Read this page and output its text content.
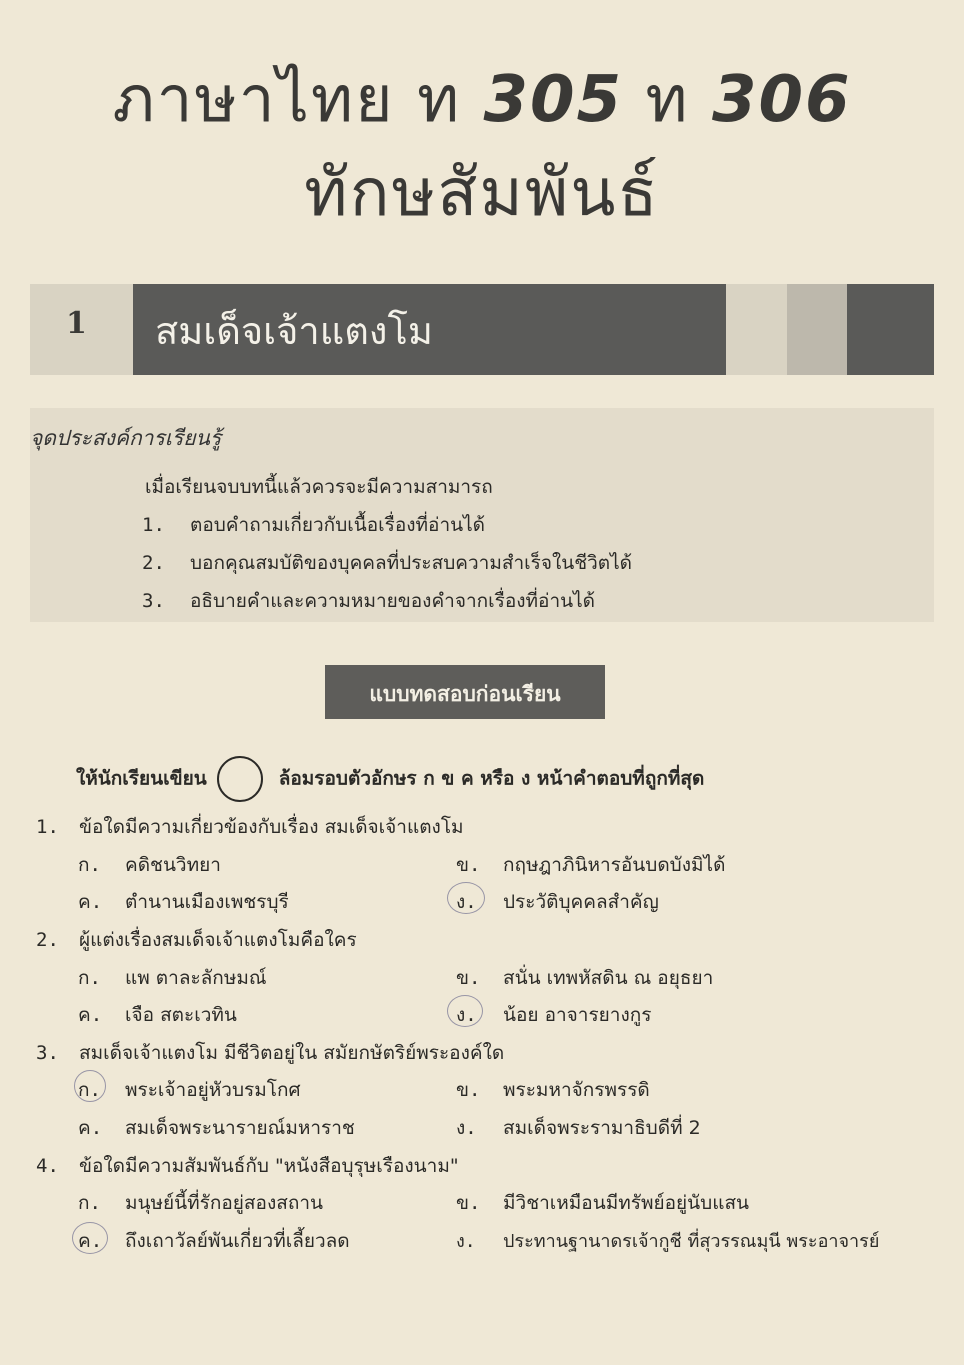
ภาษาไทย ท 305 ท 306
ทักษสัมพันธ์
1 สมเด็จเจ้าแตงโม
จุดประสงค์การเรียนรู้
เมื่อเรียนจบบทนี้แล้วควรจะมีความสามารถ
1. ตอบคำถามเกี่ยวกับเนื้อเรื่องที่อ่านได้
2. บอกคุณสมบัติของบุคคลที่ประสบความสำเร็จในชีวิตได้
3. อธิบายคำและความหมายของคำจากเรื่องที่อ่านได้
แบบทดสอบก่อนเรียน
ให้นักเรียนเขียน	ล้อมรอบตัวอักษร ก ข ค หรือ ง หน้าคำตอบที่ถูกที่สุด
1. ข้อใดมีความเกี่ยวข้องกับเรื่อง สมเด็จเจ้าแตงโม
ก. คดิชนวิทยา	ข. กฤษฎาภินิหารอันบดบังมิได้
ค. ตำนานเมืองเพชรบุรี	ง. ประวัติบุคคลสำคัญ
2. ผู้แต่งเรื่องสมเด็จเจ้าแตงโมคือใคร
ก. แพ ตาละลักษมณ์	ข. สนั่น เทพหัสดิน ณ อยุธยา
ค. เจือ สตะเวทิน	ง. น้อย อาจารยางกูร
3. สมเด็จเจ้าแตงโม มีชีวิตอยู่ใน สมัยกษัตริย์พระองค์ใด
ก. พระเจ้าอยู่หัวบรมโกศ	ข. พระมหาจักรพรรดิ
ค. สมเด็จพระนารายณ์มหาราช	ง. สมเด็จพระรามาธิบดีที่ 2
4. ข้อใดมีความสัมพันธ์กับ "หนังสือบุรุษเรืองนาม"
ก. มนุษย์นี้ที่รักอยู่สองสถาน	ข. มีวิชาเหมือนมีทรัพย์อยู่นับแสน
ค. ถึงเถาวัลย์พันเกี่ยวที่เลี้ยวลด	ง. ประทานฐานาดรเจ้ากูชี ที่สุวรรณมุนี พระอาจารย์
